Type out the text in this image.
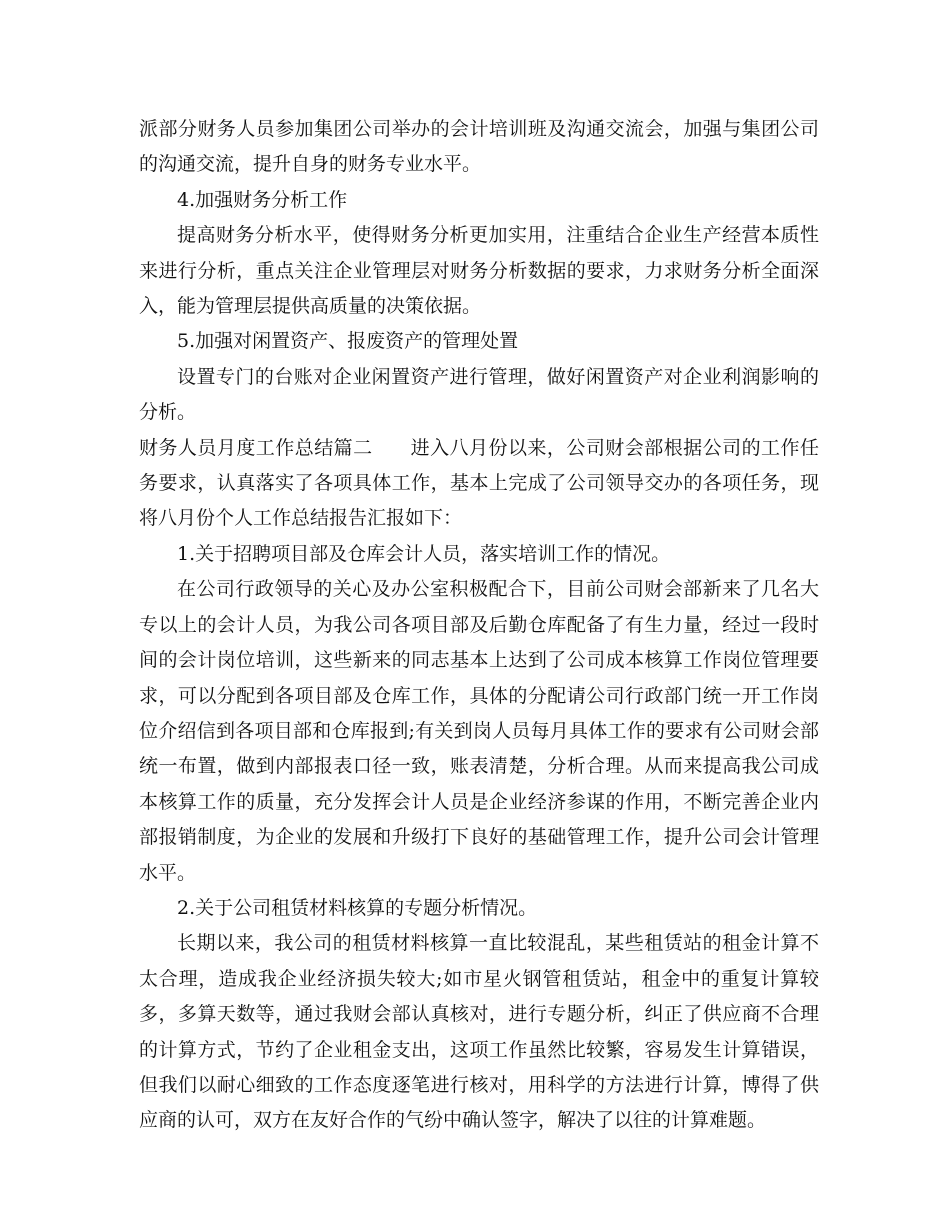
派部分财务人员参加集团公司举办的会计培训班及沟通交流会，加强与集团公司的沟通交流，提升自身的财务专业水平。

4.加强财务分析工作

提高财务分析水平，使得财务分析更加实用，注重结合企业生产经营本质性来进行分析，重点关注企业管理层对财务分析数据的要求，力求财务分析全面深入，能为管理层提供高质量的决策依据。

5.加强对闲置资产、报废资产的管理处置

设置专门的台账对企业闲置资产进行管理，做好闲置资产对企业利润影响的分析。

财务人员月度工作总结篇二 进入八月份以来，公司财会部根据公司的工作任务要求，认真落实了各项具体工作，基本上完成了公司领导交办的各项任务，现将八月份个人工作总结报告汇报如下：

1.关于招聘项目部及仓库会计人员，落实培训工作的情况。

在公司行政领导的关心及办公室积极配合下，目前公司财会部新来了几名大专以上的会计人员，为我公司各项目部及后勤仓库配备了有生力量，经过一段时间的会计岗位培训，这些新来的同志基本上达到了公司成本核算工作岗位管理要求，可以分配到各项目部及仓库工作，具体的分配请公司行政部门统一开工作岗位介绍信到各项目部和仓库报到;有关到岗人员每月具体工作的要求有公司财会部统一布置，做到内部报表口径一致，账表清楚，分析合理。从而来提高我公司成本核算工作的质量，充分发挥会计人员是企业经济参谋的作用，不断完善企业内部报销制度，为企业的发展和升级打下良好的基础管理工作，提升公司会计管理水平。

2.关于公司租赁材料核算的专题分析情况。

长期以来，我公司的租赁材料核算一直比较混乱，某些租赁站的租金计算不太合理，造成我企业经济损失较大;如市星火钢管租赁站，租金中的重复计算较多，多算天数等，通过我财会部认真核对，进行专题分析，纠正了供应商不合理的计算方式，节约了企业租金支出，这项工作虽然比较繁，容易发生计算错误，但我们以耐心细致的工作态度逐笔进行核对，用科学的方法进行计算，博得了供应商的认可，双方在友好合作的气纷中确认签字，解决了以往的计算难题。
